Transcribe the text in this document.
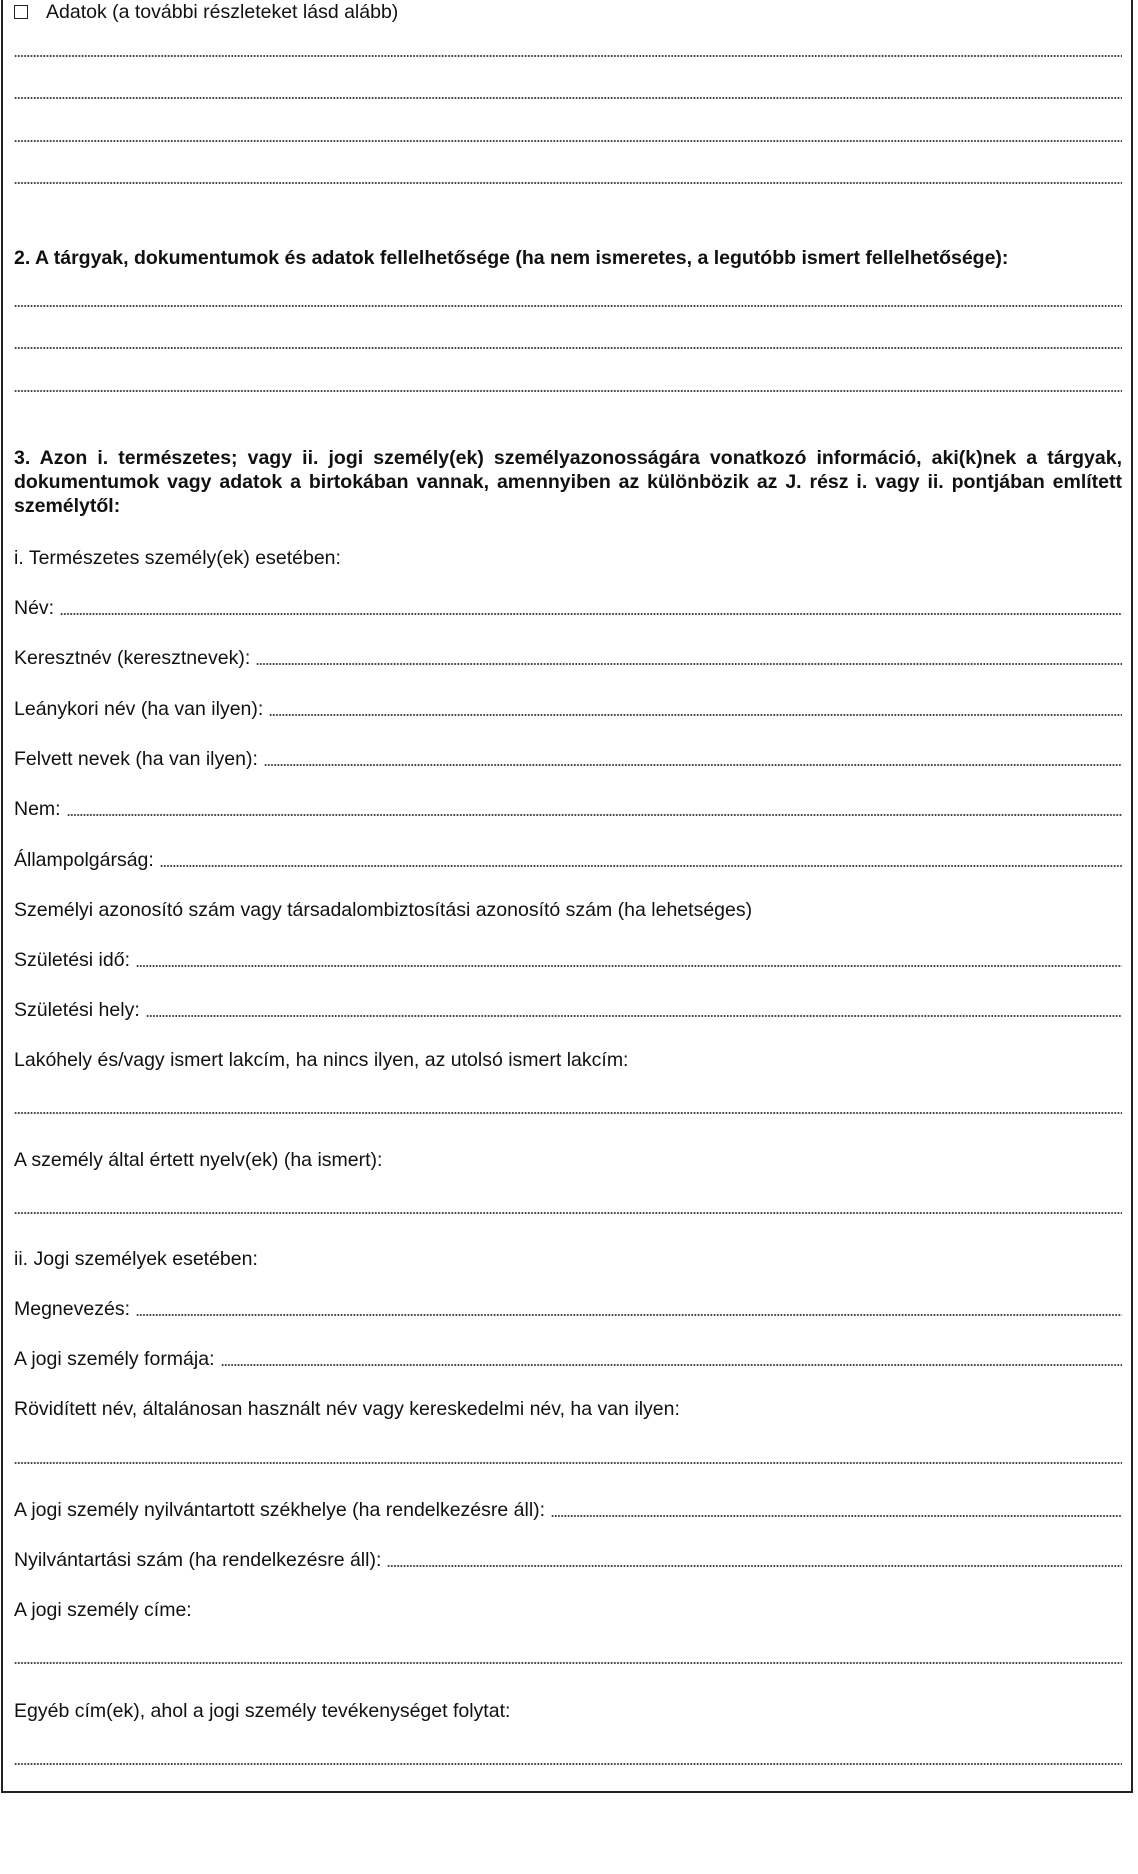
Adatok (a további részleteket lásd alább)
2. A tárgyak, dokumentumok és adatok fellelhetősége (ha nem ismeretes, a legutóbb ismert fellelhetősége):
3. Azon i. természetes; vagy ii. jogi személy(ek) személyazonosságára vonatkozó információ, aki(k)nek a tárgyak, dokumentumok vagy adatok a birtokában vannak, amennyiben az különbözik az J. rész i. vagy ii. pontjában említett személytől:
i. Természetes személy(ek) esetében:
Név:
Keresztnév (keresztnevek):
Leánykori név (ha van ilyen):
Felvett nevek (ha van ilyen):
Nem:
Állampolgárság:
Személyi azonosító szám vagy társadalombiztosítási azonosító szám (ha lehetséges)
Születési idő:
Születési hely:
Lakóhely és/vagy ismert lakcím, ha nincs ilyen, az utolsó ismert lakcím:
A személy által értett nyelv(ek) (ha ismert):
ii. Jogi személyek esetében:
Megnevezés:
A jogi személy formája:
Rövidített név, általánosan használt név vagy kereskedelmi név, ha van ilyen:
A jogi személy nyilvántartott székhelye (ha rendelkezésre áll):
Nyilvántartási szám (ha rendelkezésre áll):
A jogi személy címe:
Egyéb cím(ek), ahol a jogi személy tevékenységet folytat:
